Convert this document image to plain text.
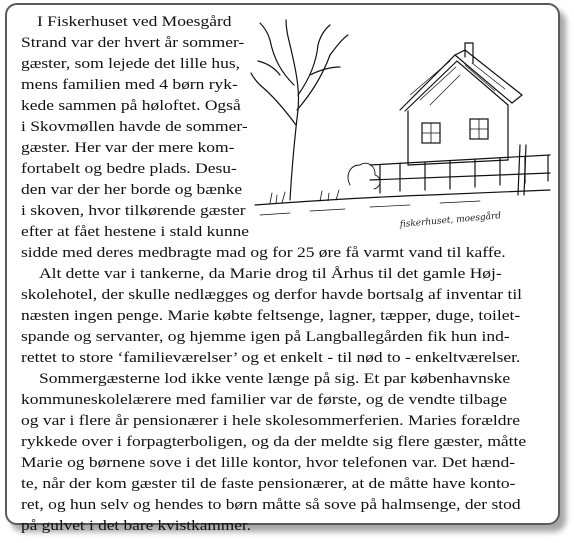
fiskerhuset, moesgård
I Fiskerhuset ved Moesgård
Strand var der hvert år sommer-
gæster, som lejede det lille hus,
mens familien med 4 børn ryk-
kede sammen på høloftet. Også
i Skovmøllen havde de sommer-
gæster. Her var der mere kom-
fortabelt og bedre plads. Desu-
den var der her borde og bænke
i skoven, hvor tilkørende gæster
efter at fået hestene i stald kunne
sidde med deres medbragte mad og for 25 øre få varmt vand til kaffe.
Alt dette var i tankerne, da Marie drog til Århus til det gamle Høj-
skolehotel, der skulle nedlægges og derfor havde bortsalg af inventar til
næsten ingen penge. Marie købte feltsenge, lagner, tæpper, duge, toilet-
spande og servanter, og hjemme igen på Langballegården fik hun ind-
rettet to store ‘familieværelser’ og et enkelt - til nød to - enkeltværelser.
Sommergæsterne lod ikke vente længe på sig. Et par københavnske
kommuneskolelærere med familier var de første, og de vendte tilbage
og var i flere år pensionærer i hele skolesommerferien. Maries forældre
rykkede over i forpagterboligen, og da der meldte sig flere gæster, måtte
Marie og børnene sove i det lille kontor, hvor telefonen var. Det hænd-
te, når der kom gæster til de faste pensionærer, at de måtte have konto-
ret, og hun selv og hendes to børn måtte så sove på halmsenge, der stod
på gulvet i det bare kvistkammer.
